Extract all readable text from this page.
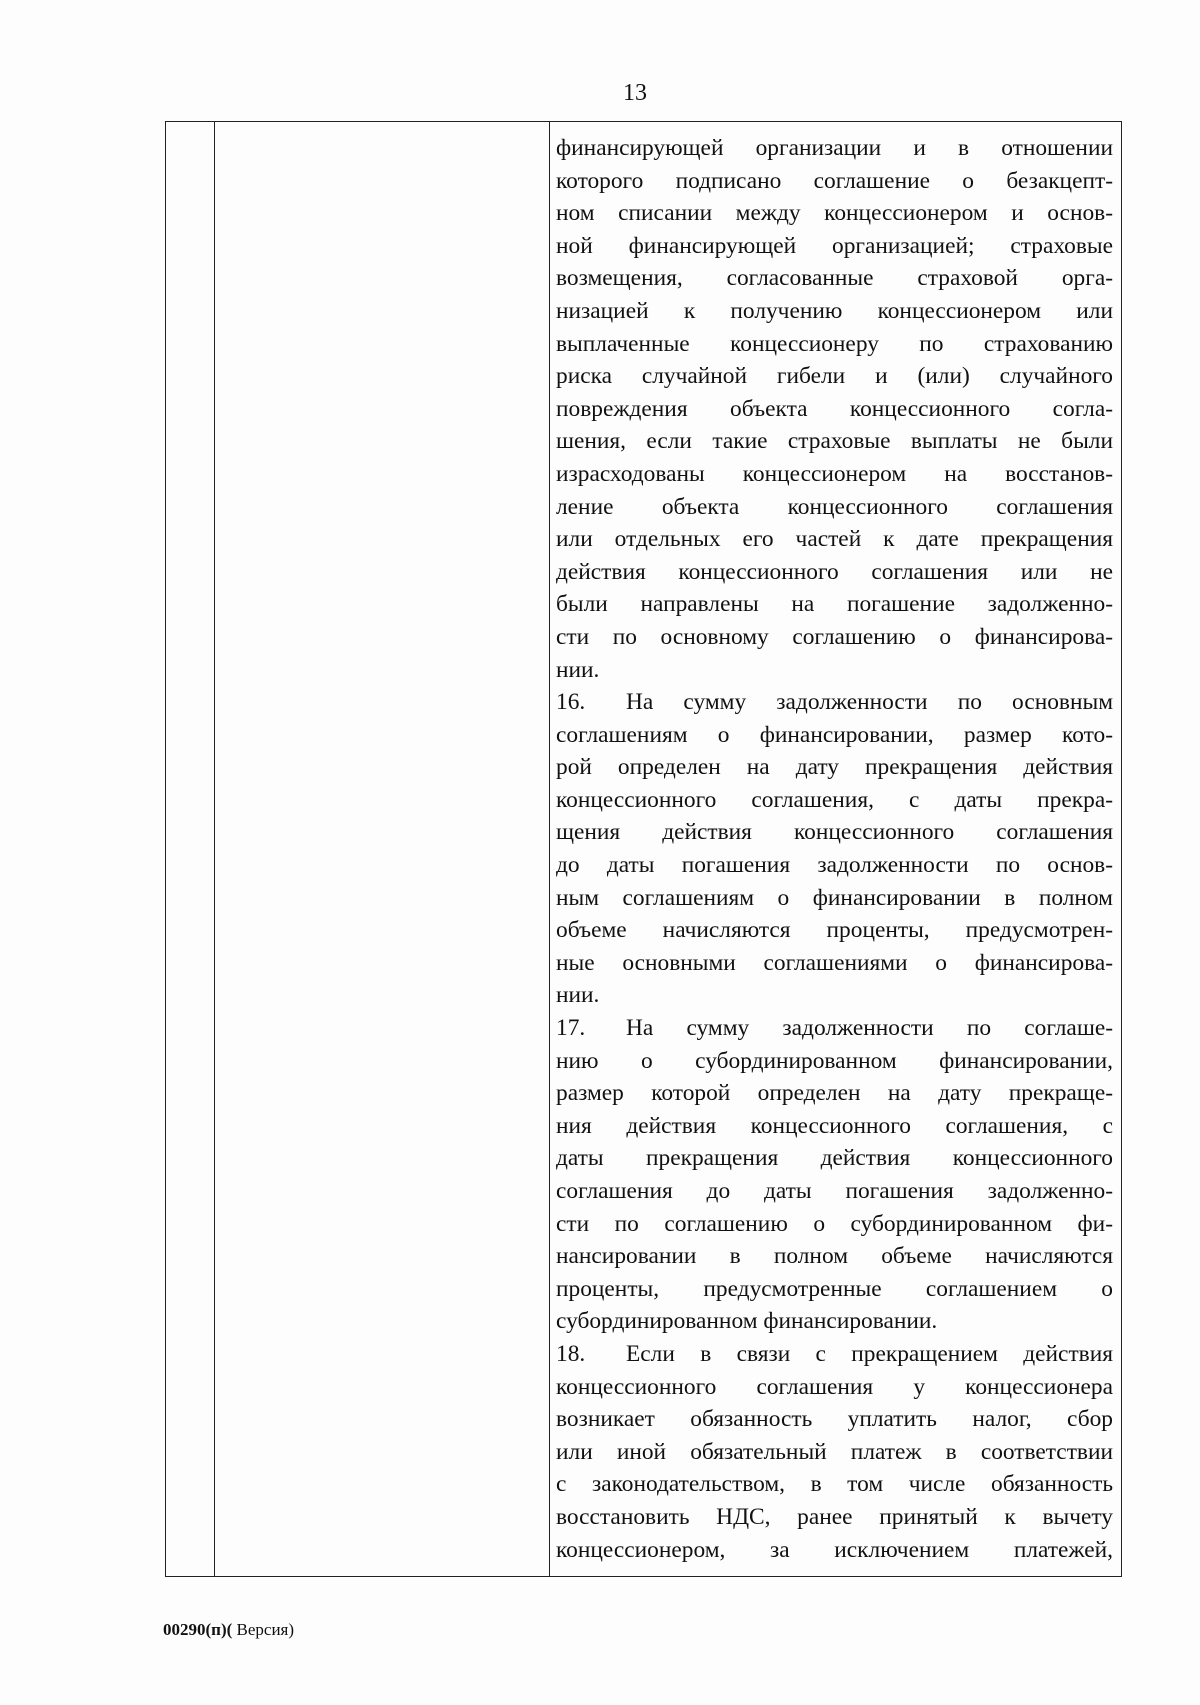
13
финансирующей организации и в отношении
которого подписано соглашение о безакцепт-
ном списании между концессионером и основ-
ной финансирующей организацией; страховые
возмещения, согласованные страховой орга-
низацией к получению концессионером или
выплаченные концессионеру по страхованию
риска случайной гибели и (или) случайного
повреждения объекта концессионного согла-
шения, если такие страховые выплаты не были
израсходованы концессионером на восстанов-
ление объекта концессионного соглашения
или отдельных его частей к дате прекращения
действия концессионного соглашения или не
были направлены на погашение задолженно-
сти по основному соглашению о финансирова-
нии.
16. На сумму задолженности по основным
соглашениям о финансировании, размер кото-
рой определен на дату прекращения действия
концессионного соглашения, с даты прекра-
щения действия концессионного соглашения
до даты погашения задолженности по основ-
ным соглашениям о финансировании в полном
объеме начисляются проценты, предусмотрен-
ные основными соглашениями о финансирова-
нии.
17. На сумму задолженности по соглаше-
нию о субординированном финансировании,
размер которой определен на дату прекраще-
ния действия концессионного соглашения, с
даты прекращения действия концессионного
соглашения до даты погашения задолженно-
сти по соглашению о субординированном фи-
нансировании в полном объеме начисляются
проценты, предусмотренные соглашением о
субординированном финансировании.
18. Если в связи с прекращением действия
концессионного соглашения у концессионера
возникает обязанность уплатить налог, сбор
или иной обязательный платеж в соответствии
с законодательством, в том числе обязанность
восстановить НДС, ранее принятый к вычету
концессионером, за исключением платежей,
00290(п)( Версия)
